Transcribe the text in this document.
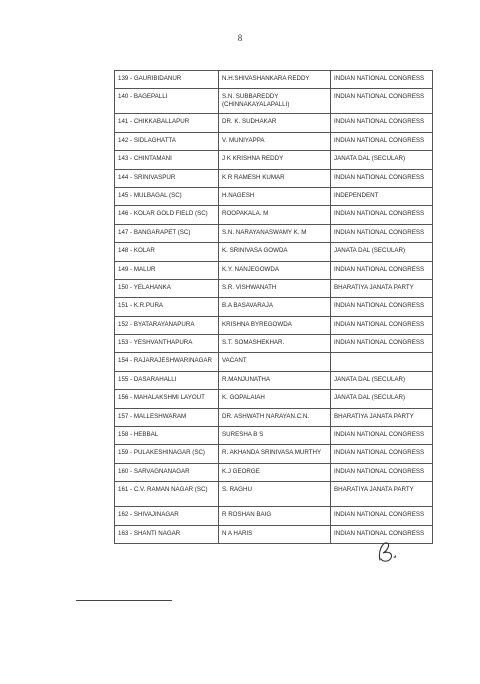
8
139 - GAURIBIDANUR	N.H.SHIVASHANKARA REDDY	INDIAN NATIONAL CONGRESS
140 - BAGEPALLI	S.N. SUBBAREDDY (CHINNAKAYALAPALLI)	INDIAN NATIONAL CONGRESS
141 - CHIKKABALLAPUR	DR. K. SUDHAKAR	INDIAN NATIONAL CONGRESS
142 - SIDLAGHATTA	V. MUNIYAPPA	INDIAN NATIONAL CONGRESS
143 - CHINTAMANI	J K KRISHNA REDDY	JANATA DAL (SECULAR)
144 - SRINIVASPUR	K R RAMESH KUMAR	INDIAN NATIONAL CONGRESS
145 - MULBAGAL (SC)	H.NAGESH	INDEPENDENT
146 - KOLAR GOLD FIELD (SC)	ROOPAKALA. M	INDIAN NATIONAL CONGRESS
147 - BANGARAPET (SC)	S.N. NARAYANASWAMY K. M	INDIAN NATIONAL CONGRESS
148 - KOLAR	K. SRINIVASA GOWDA	JANATA DAL (SECULAR)
149 - MALUR	K.Y. NANJEGOWDA	INDIAN NATIONAL CONGRESS
150 - YELAHANKA	S.R. VISHWANATH	BHARATIYA JANATA PARTY
151 - K.R.PURA	B.A BASAVARAJA	INDIAN NATIONAL CONGRESS
152 - BYATARAYANAPURA	KRISHNA BYREGOWDA	INDIAN NATIONAL CONGRESS
153 - YESHVANTHAPURA	S.T. SOMASHEKHAR.	INDIAN NATIONAL CONGRESS
154 - RAJARAJESHWARINAGAR	VACANT	
155 - DASARAHALLI	R.MANJUNATHA	JANATA DAL (SECULAR)
156 - MAHALAKSHMI LAYOUT	K. GOPALAIAH	JANATA DAL (SECULAR)
157 - MALLESHWARAM	DR. ASHWATH NARAYAN.C.N.	BHARATIYA JANATA PARTY
158 - HEBBAL	SURESHA B S	INDIAN NATIONAL CONGRESS
159 - PULAKESHINAGAR (SC)	R. AKHANDA SRINIVASA MURTHY	INDIAN NATIONAL CONGRESS
160 - SARVAGNANAGAR	K.J GEORGE	INDIAN NATIONAL CONGRESS
161 - C.V. RAMAN NAGAR (SC)	S. RAGHU	BHARATIYA JANATA PARTY
162 - SHIVAJINAGAR	R ROSHAN BAIG	INDIAN NATIONAL CONGRESS
163 - SHANTI NAGAR	N A HARIS	INDIAN NATIONAL CONGRESS
